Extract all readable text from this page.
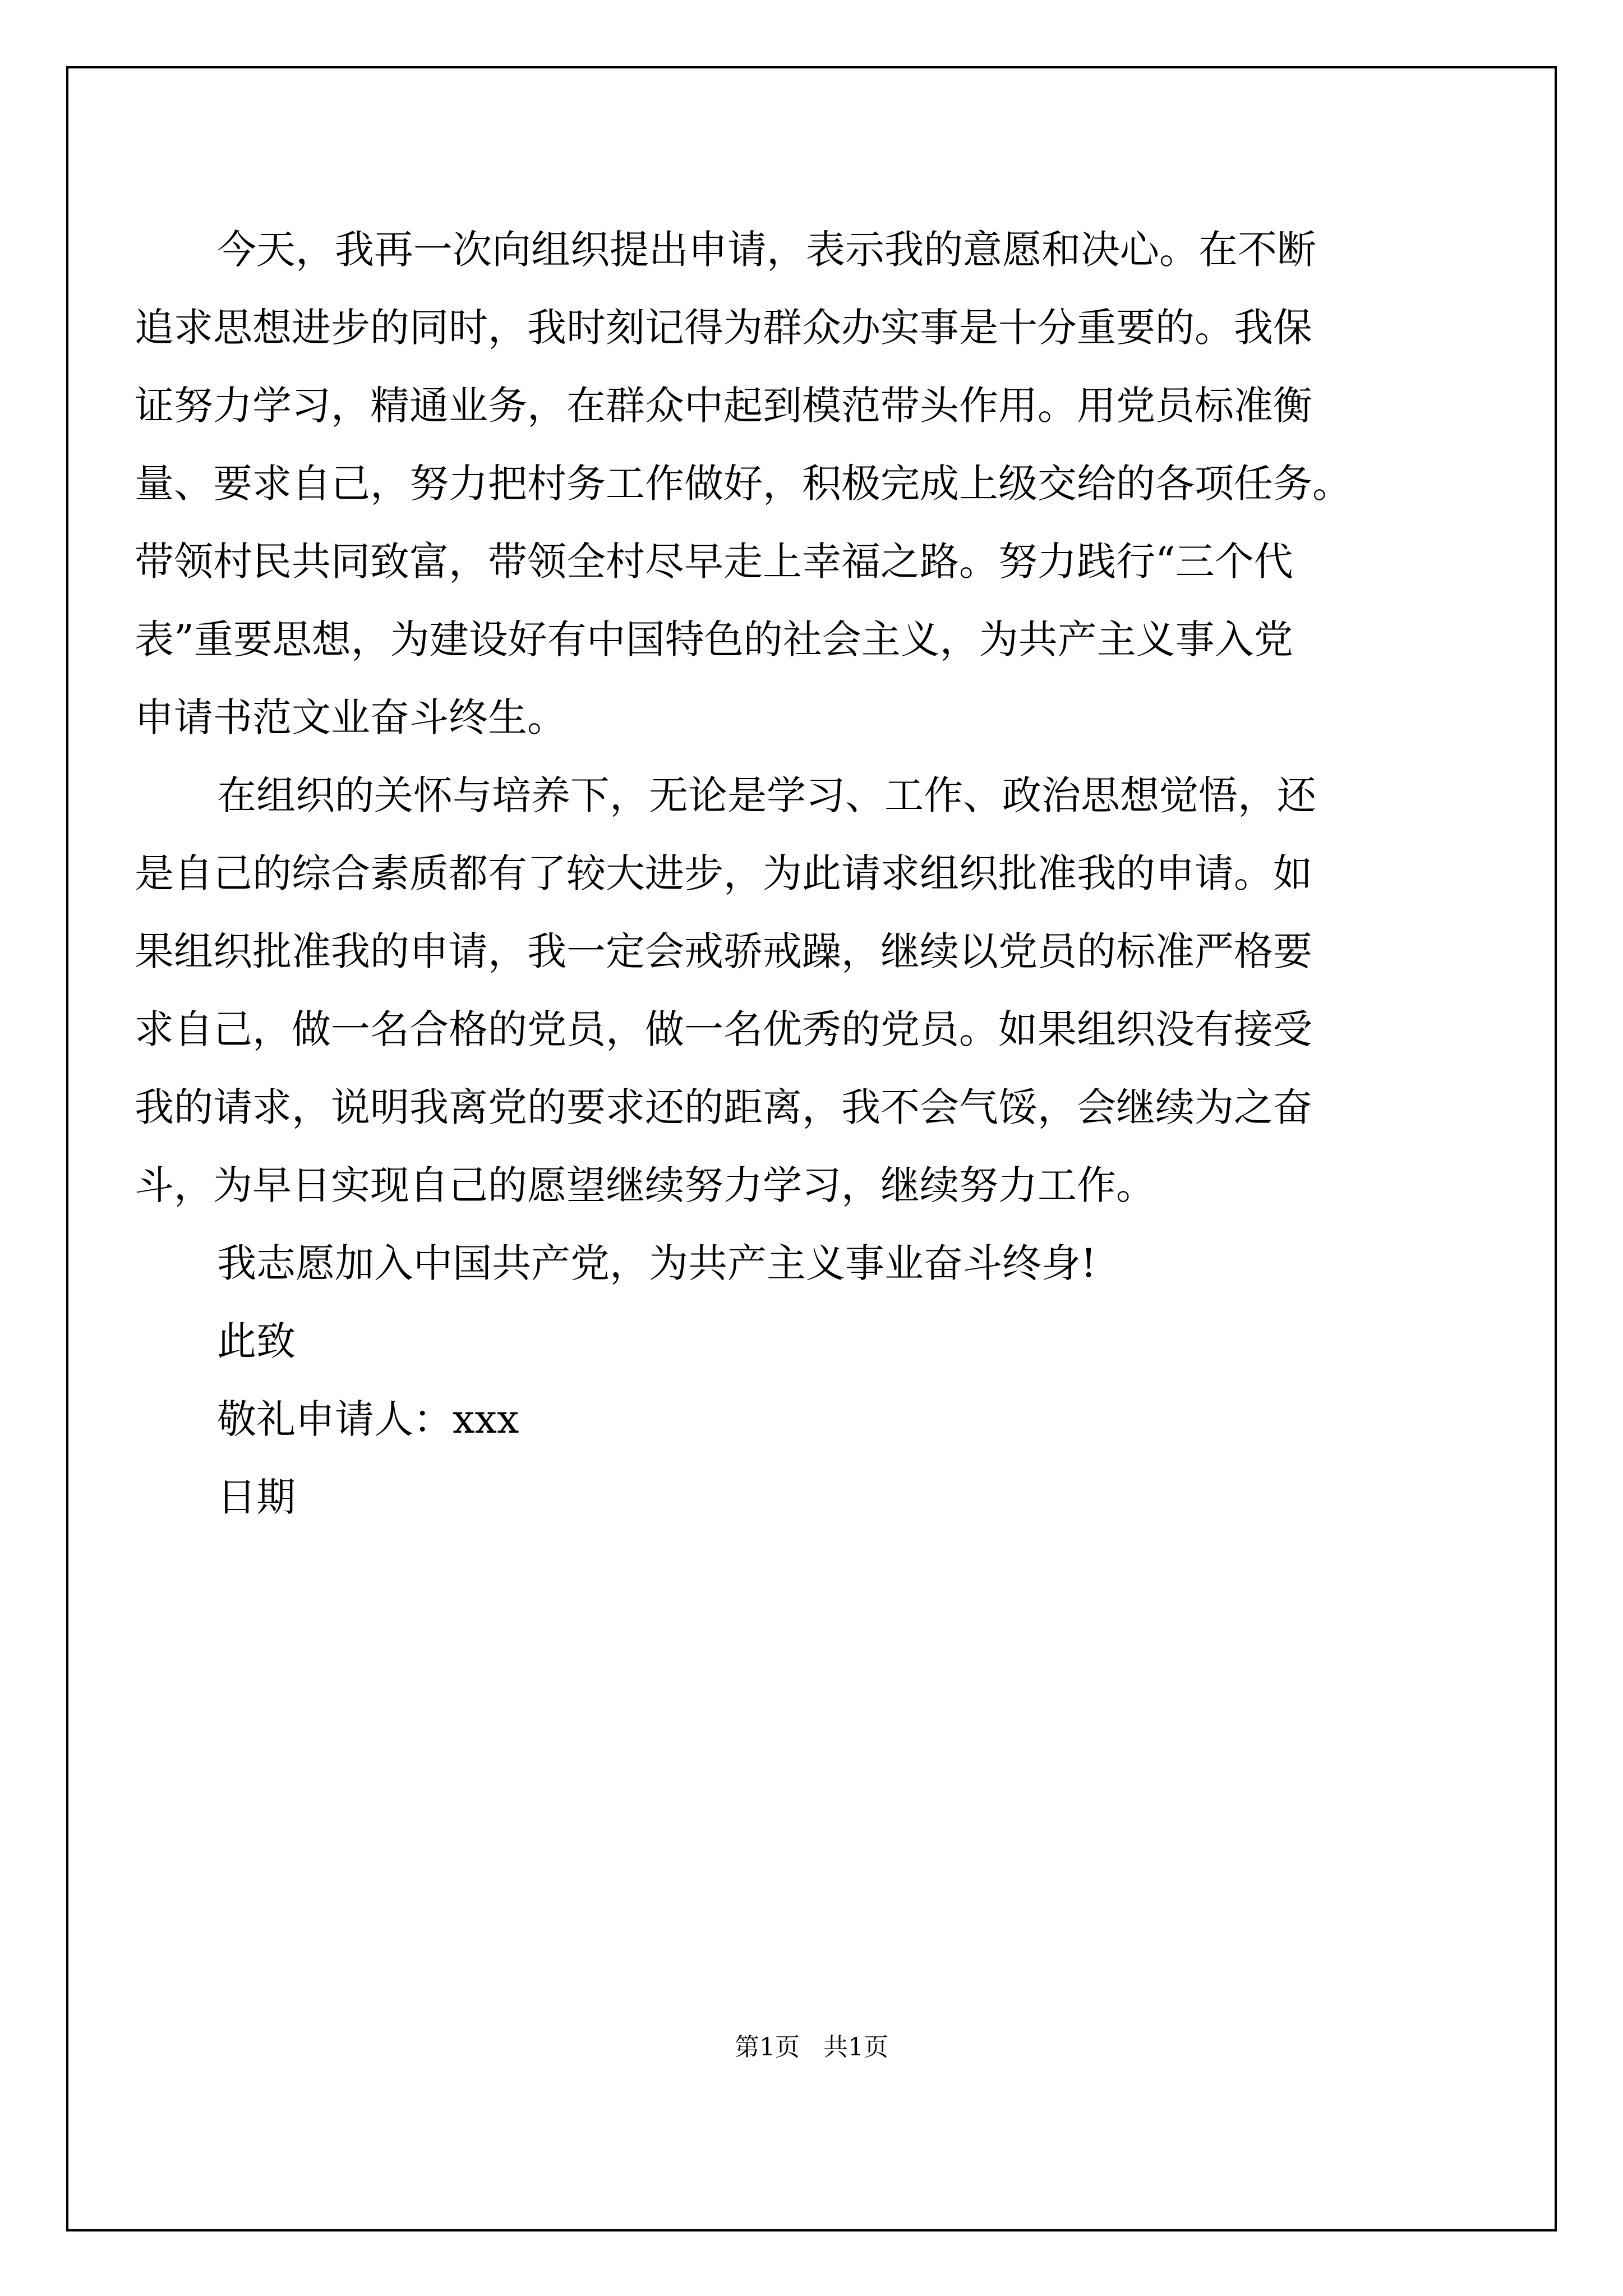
今天，我再一次向组织提出申请，表示我的意愿和决心。在不断
追求思想进步的同时，我时刻记得为群众办实事是十分重要的。我保
证努力学习，精通业务，在群众中起到模范带头作用。用党员标准衡
量、要求自己，努力把村务工作做好，积极完成上级交给的各项任务。
带领村民共同致富，带领全村尽早走上幸福之路。努力践行“三个代
表”重要思想，为建设好有中国特色的社会主义，为共产主义事入党
申请书范文业奋斗终生。
在组织的关怀与培养下，无论是学习、工作、政治思想觉悟，还
是自己的综合素质都有了较大进步，为此请求组织批准我的申请。如
果组织批准我的申请，我一定会戒骄戒躁，继续以党员的标准严格要
求自己，做一名合格的党员，做一名优秀的党员。如果组织没有接受
我的请求，说明我离党的要求还的距离，我不会气馁，会继续为之奋
斗，为早日实现自己的愿望继续努力学习，继续努力工作。
我志愿加入中国共产党，为共产主义事业奋斗终身!
此致
敬礼申请人：xxx
日期
第1页   共1页
